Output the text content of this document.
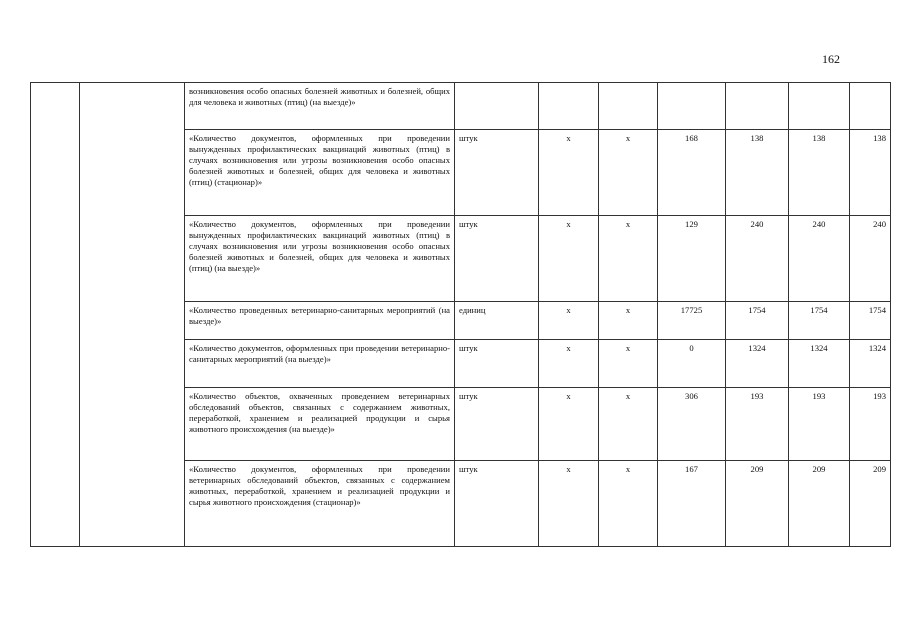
162
		возникновения особо опасных болезней животных и болезней, общих для человека и животных (птиц) (на выезде)»							
		«Количество документов, оформленных при проведении вынужденных профилактических вакцинаций животных (птиц) в случаях возникновения или угрозы возникновения особо опасных болезней животных и болезней, общих для человека и животных (птиц) (стационар)»	штук	х	х	168	138	138	138
		«Количество документов, оформленных при проведении вынужденных профилактических вакцинаций животных (птиц) в случаях возникновения или угрозы возникновения особо опасных болезней животных и болезней, общих для человека и животных (птиц) (на выезде)»	штук	х	х	129	240	240	240
		«Количество проведенных ветеринарно-санитарных мероприятий (на выезде)»	единиц	х	х	17725	1754	1754	1754
		«Количество документов, оформленных при проведении ветеринарно-санитарных мероприятий (на выезде)»	штук	х	х	0	1324	1324	1324
		«Количество объектов, охваченных проведением ветеринарных обследований объектов, связанных с содержанием животных, переработкой, хранением и реализацией продукции и сырья животного происхождения (на выезде)»	штук	х	х	306	193	193	193
		«Количество документов, оформленных при проведении ветеринарных обследований объектов, связанных с содержанием животных, переработкой, хранением и реализацией продукции и сырья животного происхождения (стационар)»	штук	х	х	167	209	209	209
